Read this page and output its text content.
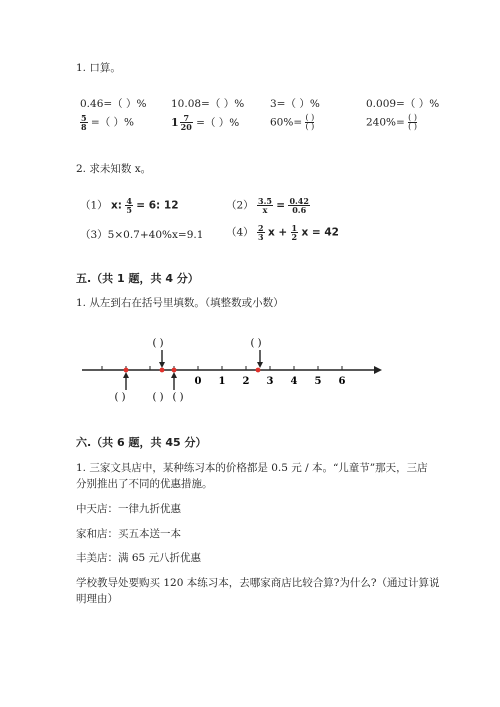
1. 口算。
0.46=（ ）% 10.08=（ ）% 3=（ ）%	0.009=（ ）%
$\frac{5}{8}$ =（ ）%	$1 \frac{7}{20}$ =（ ）%	$60\%= \frac{( )}{( )}$	$240\%= \frac{( )}{( )}$
2. 求未知数 x。
（1） x: $\frac{4}{5} = 6$: 12	$(2) \frac{3.5}{x} = \frac{0.42}{0.6}$
（3）5×0.7+40%x=9.1 $(4) \frac{2}{3}$ $x + \frac{1}{2}$ x = 42
五.（共 1 题，共 4 分）
1. 从左到右在括号里填数。（填整数或小数）
0 1 2 3 4 5 6
( )	( )
( )	( ) ( )
六.（共 6 题，共 45 分）
1. 三家文具店中，某种练习本的价格都是 0.5 元 / 本。“儿童节”那天，三店
分别推出了不同的优惠措施。
中天店：一律九折优惠
家和店：买五本送一本
丰美店：满 65 元八折优惠
学校教导处要购买 120 本练习本，去哪家商店比较合算?为什么?（通过计算说
明理由）
